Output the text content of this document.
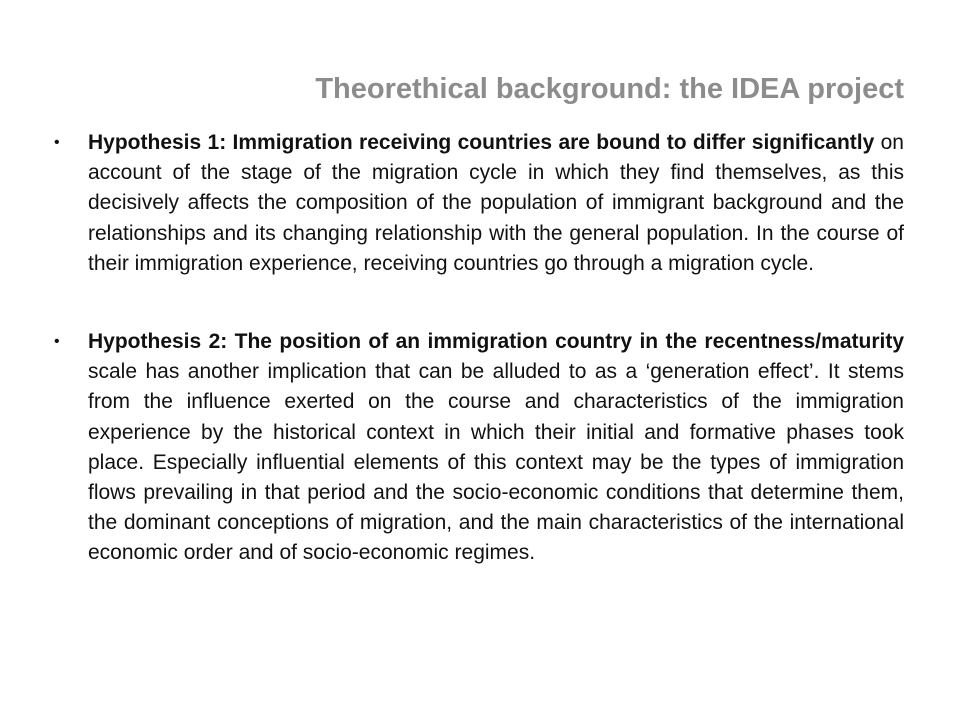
Theorethical background: the IDEA project
• Hypothesis 1: Immigration receiving countries are bound to differ significantly on account of the stage of the migration cycle in which they find themselves, as this decisively affects the composition of the population of immigrant background and the relationships and its changing relationship with the general population. In the course of their immigration experience, receiving countries go through a migration cycle.
• Hypothesis 2: The position of an immigration country in the recentness/maturity scale has another implication that can be alluded to as a ‘generation effect’. It stems from the influence exerted on the course and characteristics of the immigration experience by the historical context in which their initial and formative phases took place. Especially influential elements of this context may be the types of immigration flows prevailing in that period and the socio-economic conditions that determine them, the dominant conceptions of migration, and the main characteristics of the international economic order and of socio-economic regimes.
